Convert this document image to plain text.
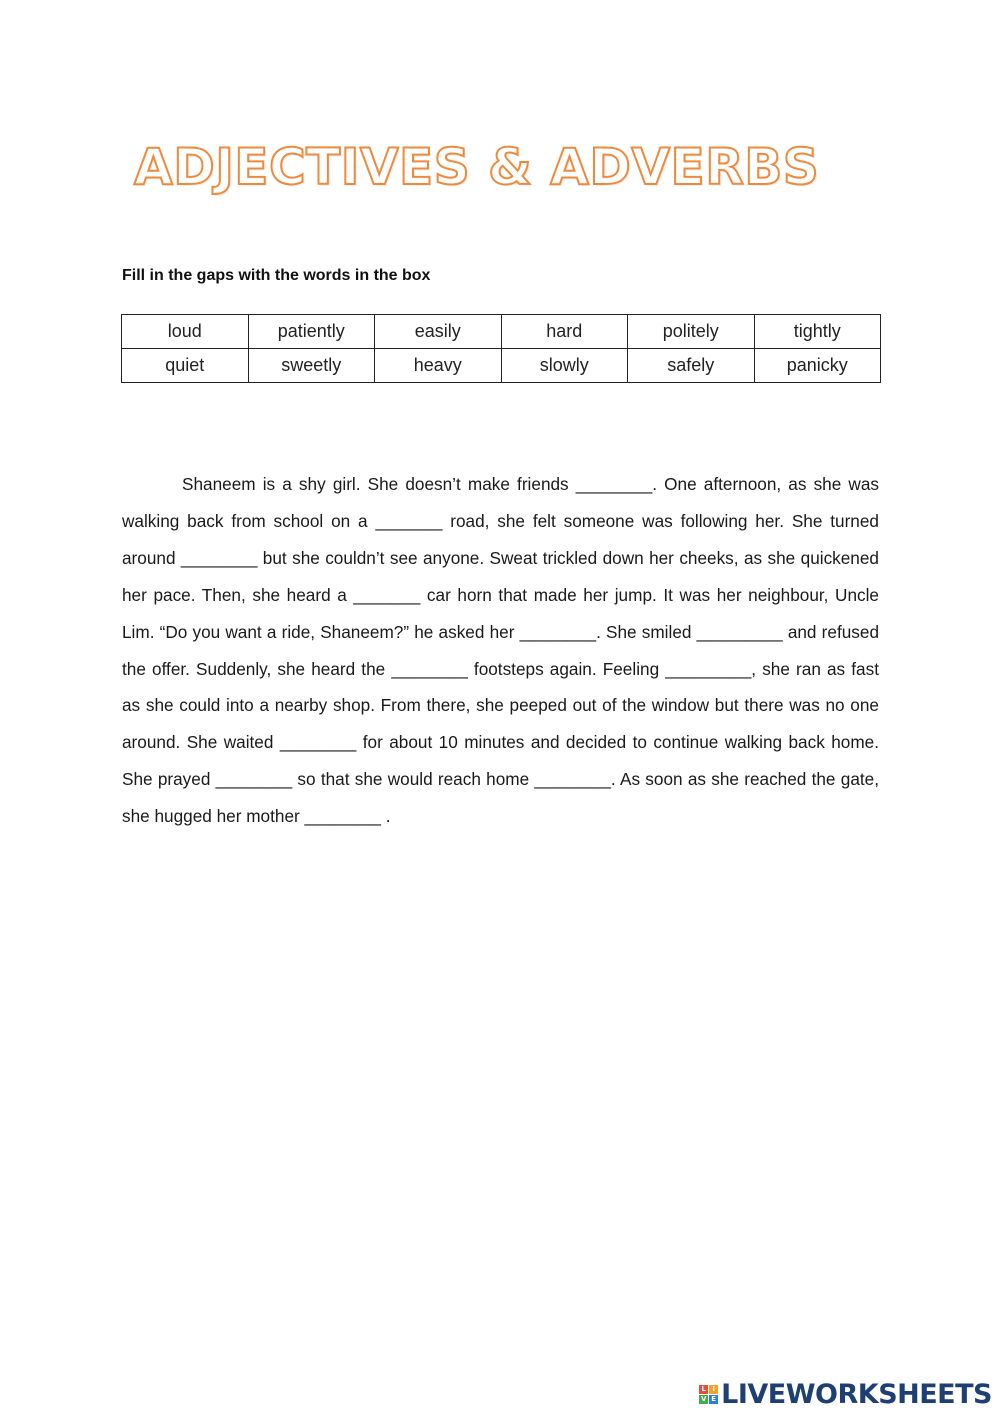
ADJECTIVES & ADVERBS

Fill in the gaps with the words in the box

loud	patiently	easily	hard	politely	tightly
quiet	sweetly	heavy	slowly	safely	panicky

Shaneem is a shy girl. She doesn’t make friends ________. One afternoon, as she was walking back from school on a _______ road, she felt someone was following her. She turned around ________ but she couldn’t see anyone. Sweat trickled down her cheeks, as she quickened her pace. Then, she heard a _______ car horn that made her jump. It was her neighbour, Uncle Lim. “Do you want a ride, Shaneem?” he asked her ________. She smiled _________ and refused the offer. Suddenly, she heard the ________ footsteps again. Feeling _________, she ran as fast as she could into a nearby shop. From there, she peeped out of the window but there was no one around. She waited ________ for about 10 minutes and decided to continue walking back home. She prayed ________ so that she would reach home ________. As soon as she reached the gate, she hugged her mother ________ .

L I
V E LIVEWORKSHEETS
